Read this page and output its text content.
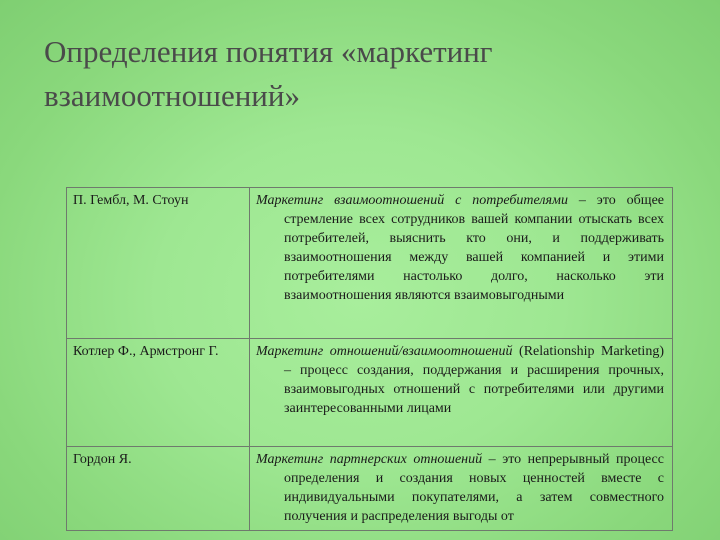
Определения понятия «маркетинг взаимоотношений»
П. Гембл, М. Стоун	Маркетинг взаимоотношений с потребителями – это общее стремление всех сотрудников вашей компании отыскать всех потребителей, выяснить кто они, и поддерживать взаимоотношения между вашей компанией и этими потребителями настолько долго, насколько эти взаимоотношения являются взаимовыгодными

Котлер Ф., Армстронг Г.	Маркетинг отношений/взаимоотношений (Relationship Marketing) – процесс создания, поддержания и расширения прочных, взаимовыгодных отношений с потребителями или другими заинтересованными лицами

Гордон Я.	Маркетинг партнерских отношений – это непрерывный процесс определения и создания новых ценностей вместе с индивидуальными покупателями, а затем совместного получения и распределения выгоды от
